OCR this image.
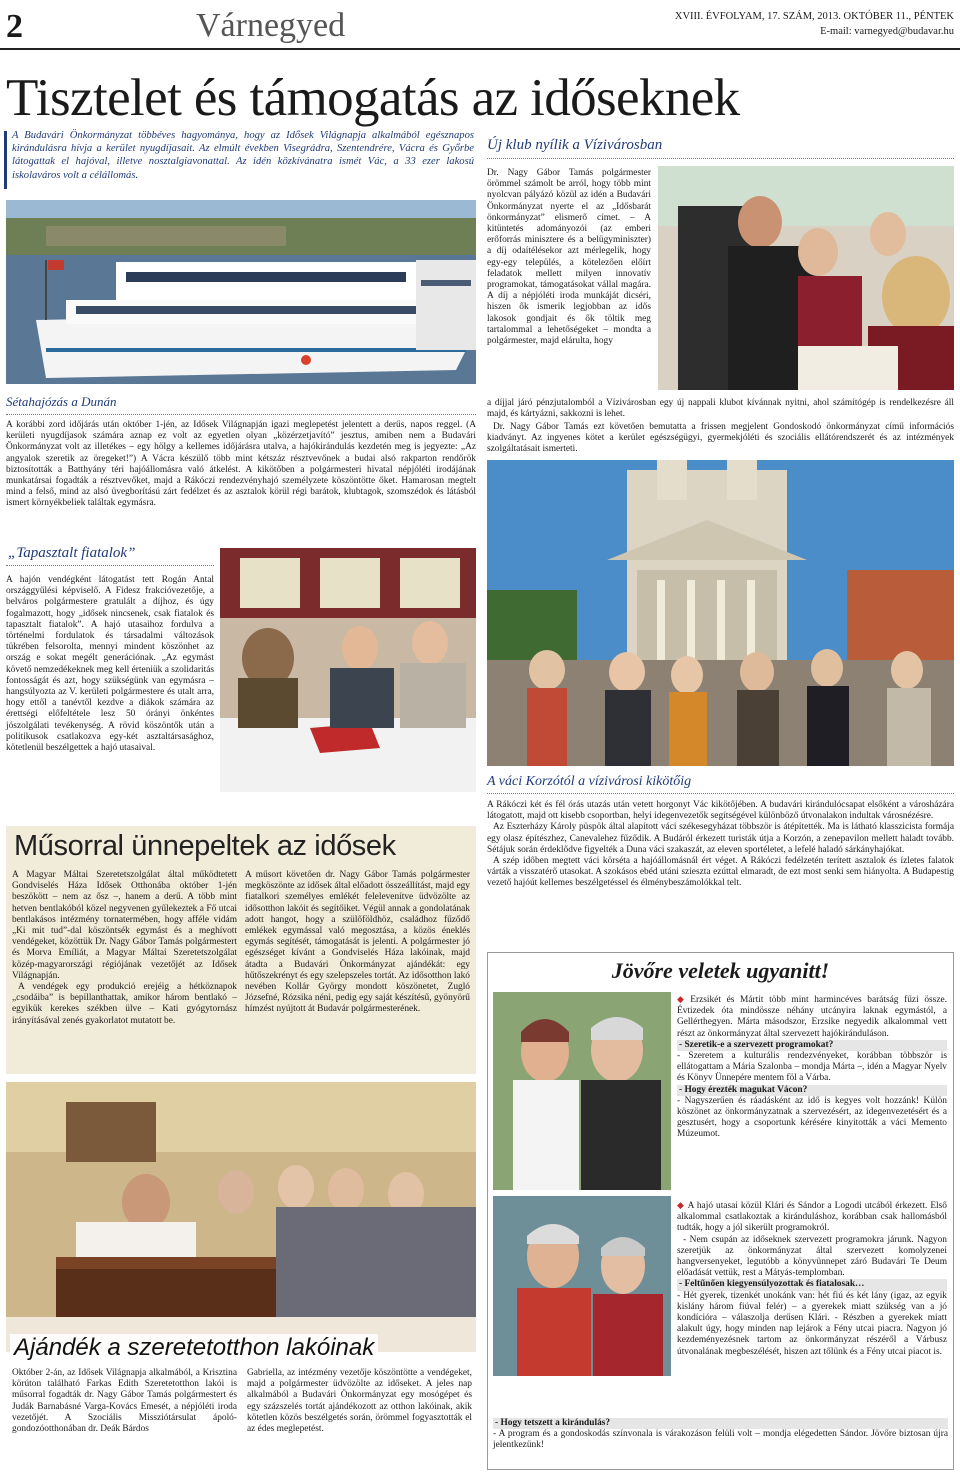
2	Várnegyed	XVIII. ÉVFOLYAM, 17. SZÁM, 2013. OKTÓBER 11., PÉNTEK
E-mail: varnegyed@budavar.hu
Tisztelet és támogatás az időseknek
A Budavári Önkormányzat többéves hagyománya, hogy az Idősek Világnapja alkalmából egésznapos kirándulásra hívja a kerület nyugdíjasait. Az elmúlt években Visegrádra, Szentendrére, Vácra és Győrbe látogattak el hajóval, illetve nosztalgiavonattal. Az idén közkívánatra ismét Vác, a 33 ezer lakosú iskolaváros volt a célállomás.
Sétahajózás a Dunán
A korábbi zord időjárás után október 1-jén, az Idősek Világnapján igazi meglepetést jelentett a derűs, napos reggel. (A kerületi nyugdíjasok számára aznap ez volt az egyetlen olyan „közérzetjavító” jesztus, amiben nem a Budavári Önkormányzat volt az illetékes – egy hölgy a kellemes időjárásra utalva, a hajókirándulás kezdetén meg is jegyezte: „Az angyalok szeretik az öregeket!”) A Vácra készülő több mint kétszáz résztvevőnek a budai alsó rakparton rendőrök biztosították a Batthyány téri hajóállomásra való átkelést. A kikötőben a polgármesteri hivatal népjóléti irodájának munkatársai fogadták a résztvevőket, majd a Rákóczi rendezvényhajó személyzete köszöntötte őket. Hamarosan megtelt mind a felső, mind az alsó üvegborítású zárt fedélzet és az asztalok körül régi barátok, klubtagok, szomszédok és látásból ismert környékbeliek találtak egymásra.
„Tapasztalt fiatalok”
A hajón vendégként látogatást tett Rogán Antal országgyűlési képviselő. A Fidesz frakcióvezetője, a belváros polgármestere gratulált a díjhoz, és úgy fogalmazott, hogy „idősek nincsenek, csak fiatalok és tapasztalt fiatalok”. A hajó utasaihoz fordulva a történelmi fordulatok és társadalmi változások tükrében felsorolta, mennyi mindent köszönhet az ország e sokat megélt generációnak. „Az egymást követő nemzedékeknek meg kell érteniük a szolidaritás fontosságát és azt, hogy szükségünk van egymásra – hangsúlyozta az V. kerületi polgármestere és utalt arra, hogy ettől a tanévtől kezdve a diákok számára az érettségi előfeltétele lesz 50 órányi önkéntes jószolgálati tevékenység. A rövid köszöntők után a politikusok csatlakozva egy-két asztaltársasághoz, kötetlenül beszélgettek a hajó utasaival.
Új klub nyílik a Vízivárosban
Dr. Nagy Gábor Tamás polgármester örömmel számolt be arról, hogy több mint nyolcvan pályázó közül az idén a Budavári Önkormányzat nyerte el az „Idősbarát önkormányzat” elismerő címet. – A kitüntetés adományozói (az emberi erőforrás minisztere és a belügyminiszter) a díj odaítélésekor azt mérlegelik, hogy egy-egy település, a kötelezően előírt feladatok mellett milyen innovatív programokat, támogatásokat vállal magára. A díj a népjóléti iroda munkáját dicséri, hiszen ők ismerik legjobban az idős lakosok gondjait és ők töltik meg tartalommal a lehetőségeket – mondta a polgármester, majd elárulta, hogy
a díjjal járó pénzjutalomból a Vízivárosban egy új nappali klubot kívánnak nyitni, ahol számítógép is rendelkezésre áll majd, és kártyázni, sakkozni is lehet.
Dr. Nagy Gábor Tamás ezt követően bemutatta a frissen megjelent Gondoskodó önkormányzat című információs kiadványt. Az ingyenes kötet a kerület egészségügyi, gyermekjóléti és szociális ellátórendszerét és az intézmények szolgáltatásait ismerteti.
A váci Korzótól a vízivárosi kikötőig

A Rákóczi két és fél órás utazás után vetett horgonyt Vác kikötőjében. A budavári kirándulócsapat elsőként a városházára látogatott, majd ott kisebb csoportban, helyi idegenvezetők segítségével különböző útvonalakon indultak városnézésre.

Az Eszterházy Károly püspök által alapított váci székesegyházat többször is átépítették. Ma is látható klasszicista formája egy olasz építészhez, Canevalehez fűződik. A Budáról érkezett turisták útja a Korzón, a zenepavilon mellett haladt tovább. Sétájuk során érdeklődve figyelték a Duna váci szakaszát, az eleven sportéletet, a lefelé haladó sárkányhajókat.

A szép időben megtett váci körséta a hajóállomásnál ért véget. A Rákóczi fedélzetén terített asztalok és ízletes falatok várták a visszatérő utasokat. A szokásos ebéd utáni sziesztа ezúttal elmaradt, de ezt most senki sem hiányolta. A Budapestig vezető hajóút kellemes beszélgetéssel és élménybeszámolókkal telt.

Műsorral ünnepeltek az idősek

A Magyar Máltai Szeretetszolgálat által működtetett Gondviselés Háza Idősek Otthonába október 1-jén beszökött – nem az ősz –, hanem a derű. A több mint hetven bentlakóból közel negyvenen gyűlekeztek a Fő utcai bentlakásos intézmény tornatermében, hogy afféle vidám „Ki mit tud”-dal köszöntsék egymást és a meghívott vendégeket, közöttük Dr. Nagy Gábor Tamás polgármestert és Morva Emíliát, a Magyar Máltai Szeretetszolgálat közép-magyarországi régiójának vezetőjét az Idősek Világnapján.

A vendégek egy produkció erejéig a hétköznapok „csodáiba” is bepillanthattak, amikor három bentlakó – egyikük kerekes székben ülve – Kati gyógytornász irányításával zenés gyakorlatot mutatott be.

A műsort követően dr. Nagy Gábor Tamás polgármester megköszönte az idősek által előadott összeállítást, majd egy fiatalkori személyes emlékét felelevenítve üdvözölte az idősotthon lakóit és segítőiket. Végül annak a gondolatának adott hangot, hogy a szülőföldhöz, családhoz fűződő emlékek egymással való megosztása, a közös éneklés egymás segítését, támogatását is jelenti. A polgármester jó egészséget kívánt a Gondviselés Háza lakóinak, majd átadta a Budavári Önkormányzat ajándékát: egy hűtőszekrényt és egy szelepszeles tortát. Az idősotthon lakó nevében Kollár György mondott köszönetet, Zugló Józsefné, Rózsika néni, pedig egy saját készítésű, gyönyörű hímzést nyújtott át Budavár polgármesterének.

Ajándék a szeretetotthon lakóinak
Október 2-án, az Idősek Világnapja alkalmából, a Krisztina körúton található Farkas Edith Szeretetotthon lakói is műsorral fogadták dr. Nagy Gábor Tamás polgármestert és Judák Barnabásné Varga-Kovács Emesét, a népjóléti iroda vezetőjét. A Szociális Missziótársulat ápoló-gondozóotthonában dr. Deák Bárdos
Gabriella, az intézmény vezetője köszöntötte a vendégeket, majd a polgármester üdvözölte az időseket. A jeles nap alkalmából a Budavári Önkormányzat egy mosógépet és egy százszelés tortát ajándékozott az otthon lakóinak, akik kötetlen közös beszélgetés során, örömmel fogyasztották el az édes meglepetést.
Jövőre veletek ugyanitt!

◆ Erzsikét és Mártit több mint harmincéves barátság fűzi össze. Évtizedek óta mindössze néhány utcányira laknak egymástól, a Gellérthegyen. Márta másodszor, Erzsike negyedik alkalommal vett részt az önkormányzat által szervezett hajókiránduláson.

- Szeretik-e a szervezett programokat?

- Szeretem a kulturális rendezvényeket, korábban többször is ellátogattam a Mária Szalonba – mondja Márta –, idén a Magyar Nyelv és Könyv Ünnepére mentem föl a Várba.

- Hogy érezték magukat Vácon?

- Nagyszerűen és ráadásként az idő is kegyes volt hozzánk! Külön köszönet az önkormányzatnak a szervezésért, az idegenvezetésért és a gesztusért, hogy a csoportunk kérésére kinyitották a váci Memento Múzeumot.

◆ A hajó utasai közül Klári és Sándor a Logodi utcából érkezett. Első alkalommal csatlakoztak a kiránduláshoz, korábban csak hallomásból tudták, hogy a jól sikerült programokról.

- Nem csupán az időseknek szervezett programokra járunk. Nagyon szeretjük az önkormányzat által szervezett komolyzenei hangversenyeket, legutóbb a könyvünnepet záró Budavári Te Deum előadását vettük, rest a Mátyás-templomban.

- Feltűnően kiegyensúlyozottak és fiatalosak…

- Hét gyerek, tizenkét unokánk van: hét fiú és két lány (igaz, az egyik kislány három fiúval felér) – a gyerekek miatt szükség van a jó kondícióra – válaszolja derűsen Klári. - Részben a gyerekek miatt alakult úgy, hogy minden nap lejárok a Fény utcai piacra. Nagyon jó kezdeményezésnek tartom az önkormányzat részéről a Várbusz útvonalának megbeszélését, hiszen azt tőlünk és a Fény utcai piacot is.

- Hogy tetszett a kirándulás?

- A program és a gondoskodás színvonala is várakozáson felüli volt – mondja elégedetten Sándor. Jövőre biztosan újra jelentkezünk!
